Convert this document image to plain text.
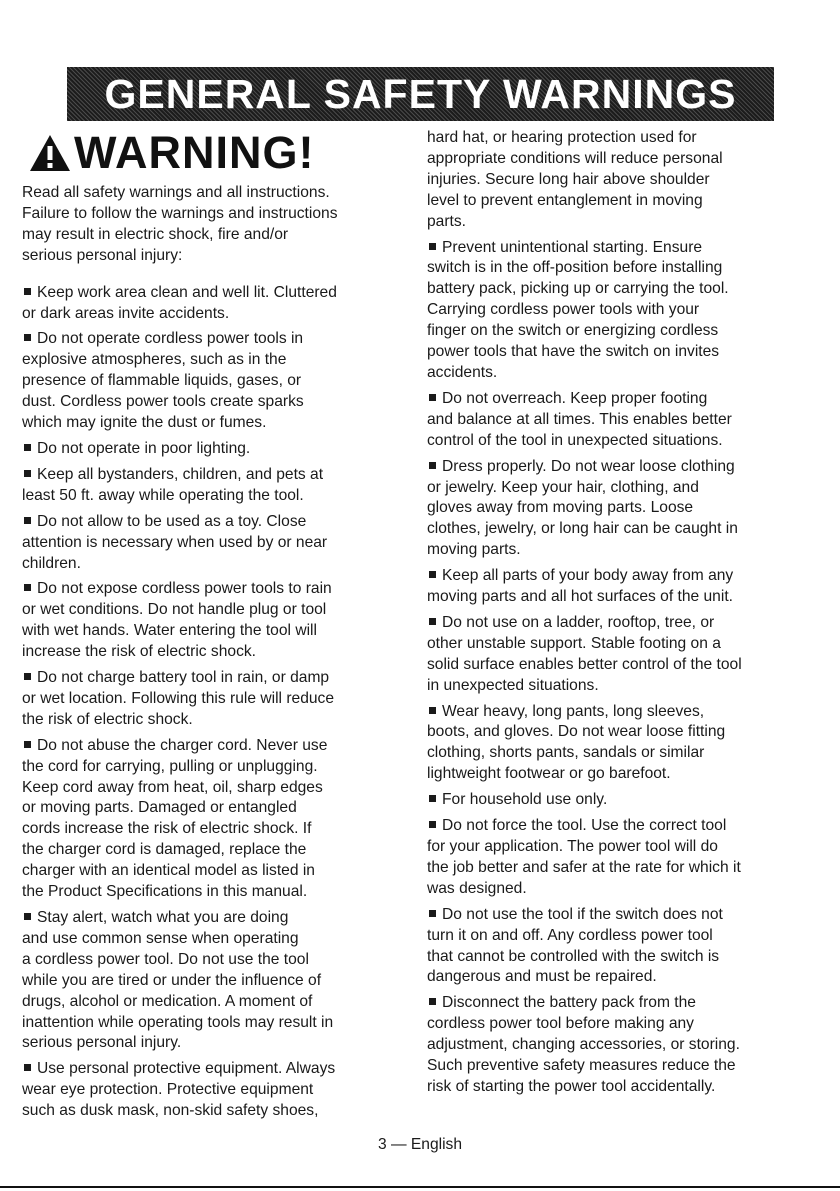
GENERAL SAFETY WARNINGS
WARNING!

Read all safety warnings and all instructions.
Failure to follow the warnings and instructions
may result in electric shock, fire and/or
serious personal injury:

Keep work area clean and well lit. Cluttered
or dark areas invite accidents.

Do not operate cordless power tools in
explosive atmospheres, such as in the
presence of flammable liquids, gases, or
dust. Cordless power tools create sparks
which may ignite the dust or fumes.

Do not operate in poor lighting.

Keep all bystanders, children, and pets at
least 50 ft. away while operating the tool.

Do not allow to be used as a toy. Close
attention is necessary when used by or near
children.

Do not expose cordless power tools to rain
or wet conditions. Do not handle plug or tool
with wet hands. Water entering the tool will
increase the risk of electric shock.

Do not charge battery tool in rain, or damp
or wet location. Following this rule will reduce
the risk of electric shock.

Do not abuse the charger cord. Never use
the cord for carrying, pulling or unplugging.
Keep cord away from heat, oil, sharp edges
or moving parts. Damaged or entangled
cords increase the risk of electric shock. If
the charger cord is damaged, replace the
charger with an identical model as listed in
the Product Specifications in this manual.

Stay alert, watch what you are doing
and use common sense when operating
a cordless power tool. Do not use the tool
while you are tired or under the influence of
drugs, alcohol or medication. A moment of
inattention while operating tools may result in
serious personal injury.

Use personal protective equipment. Always
wear eye protection. Protective equipment
such as dusk mask, non-skid safety shoes,

hard hat, or hearing protection used for
appropriate conditions will reduce personal
injuries. Secure long hair above shoulder
level to prevent entanglement in moving
parts.

Prevent unintentional starting. Ensure
switch is in the off-position before installing
battery pack, picking up or carrying the tool.
Carrying cordless power tools with your
finger on the switch or energizing cordless
power tools that have the switch on invites
accidents.

Do not overreach. Keep proper footing
and balance at all times. This enables better
control of the tool in unexpected situations.

Dress properly. Do not wear loose clothing
or jewelry. Keep your hair, clothing, and
gloves away from moving parts. Loose
clothes, jewelry, or long hair can be caught in
moving parts.

Keep all parts of your body away from any
moving parts and all hot surfaces of the unit.

Do not use on a ladder, rooftop, tree, or
other unstable support. Stable footing on a
solid surface enables better control of the tool
in unexpected situations.

Wear heavy, long pants, long sleeves,
boots, and gloves. Do not wear loose fitting
clothing, shorts pants, sandals or similar
lightweight footwear or go barefoot.

For household use only.

Do not force the tool. Use the correct tool
for your application. The power tool will do
the job better and safer at the rate for which it
was designed.

Do not use the tool if the switch does not
turn it on and off. Any cordless power tool
that cannot be controlled with the switch is
dangerous and must be repaired.

Disconnect the battery pack from the
cordless power tool before making any
adjustment, changing accessories, or storing.
Such preventive safety measures reduce the
risk of starting the power tool accidentally.

3 — English
